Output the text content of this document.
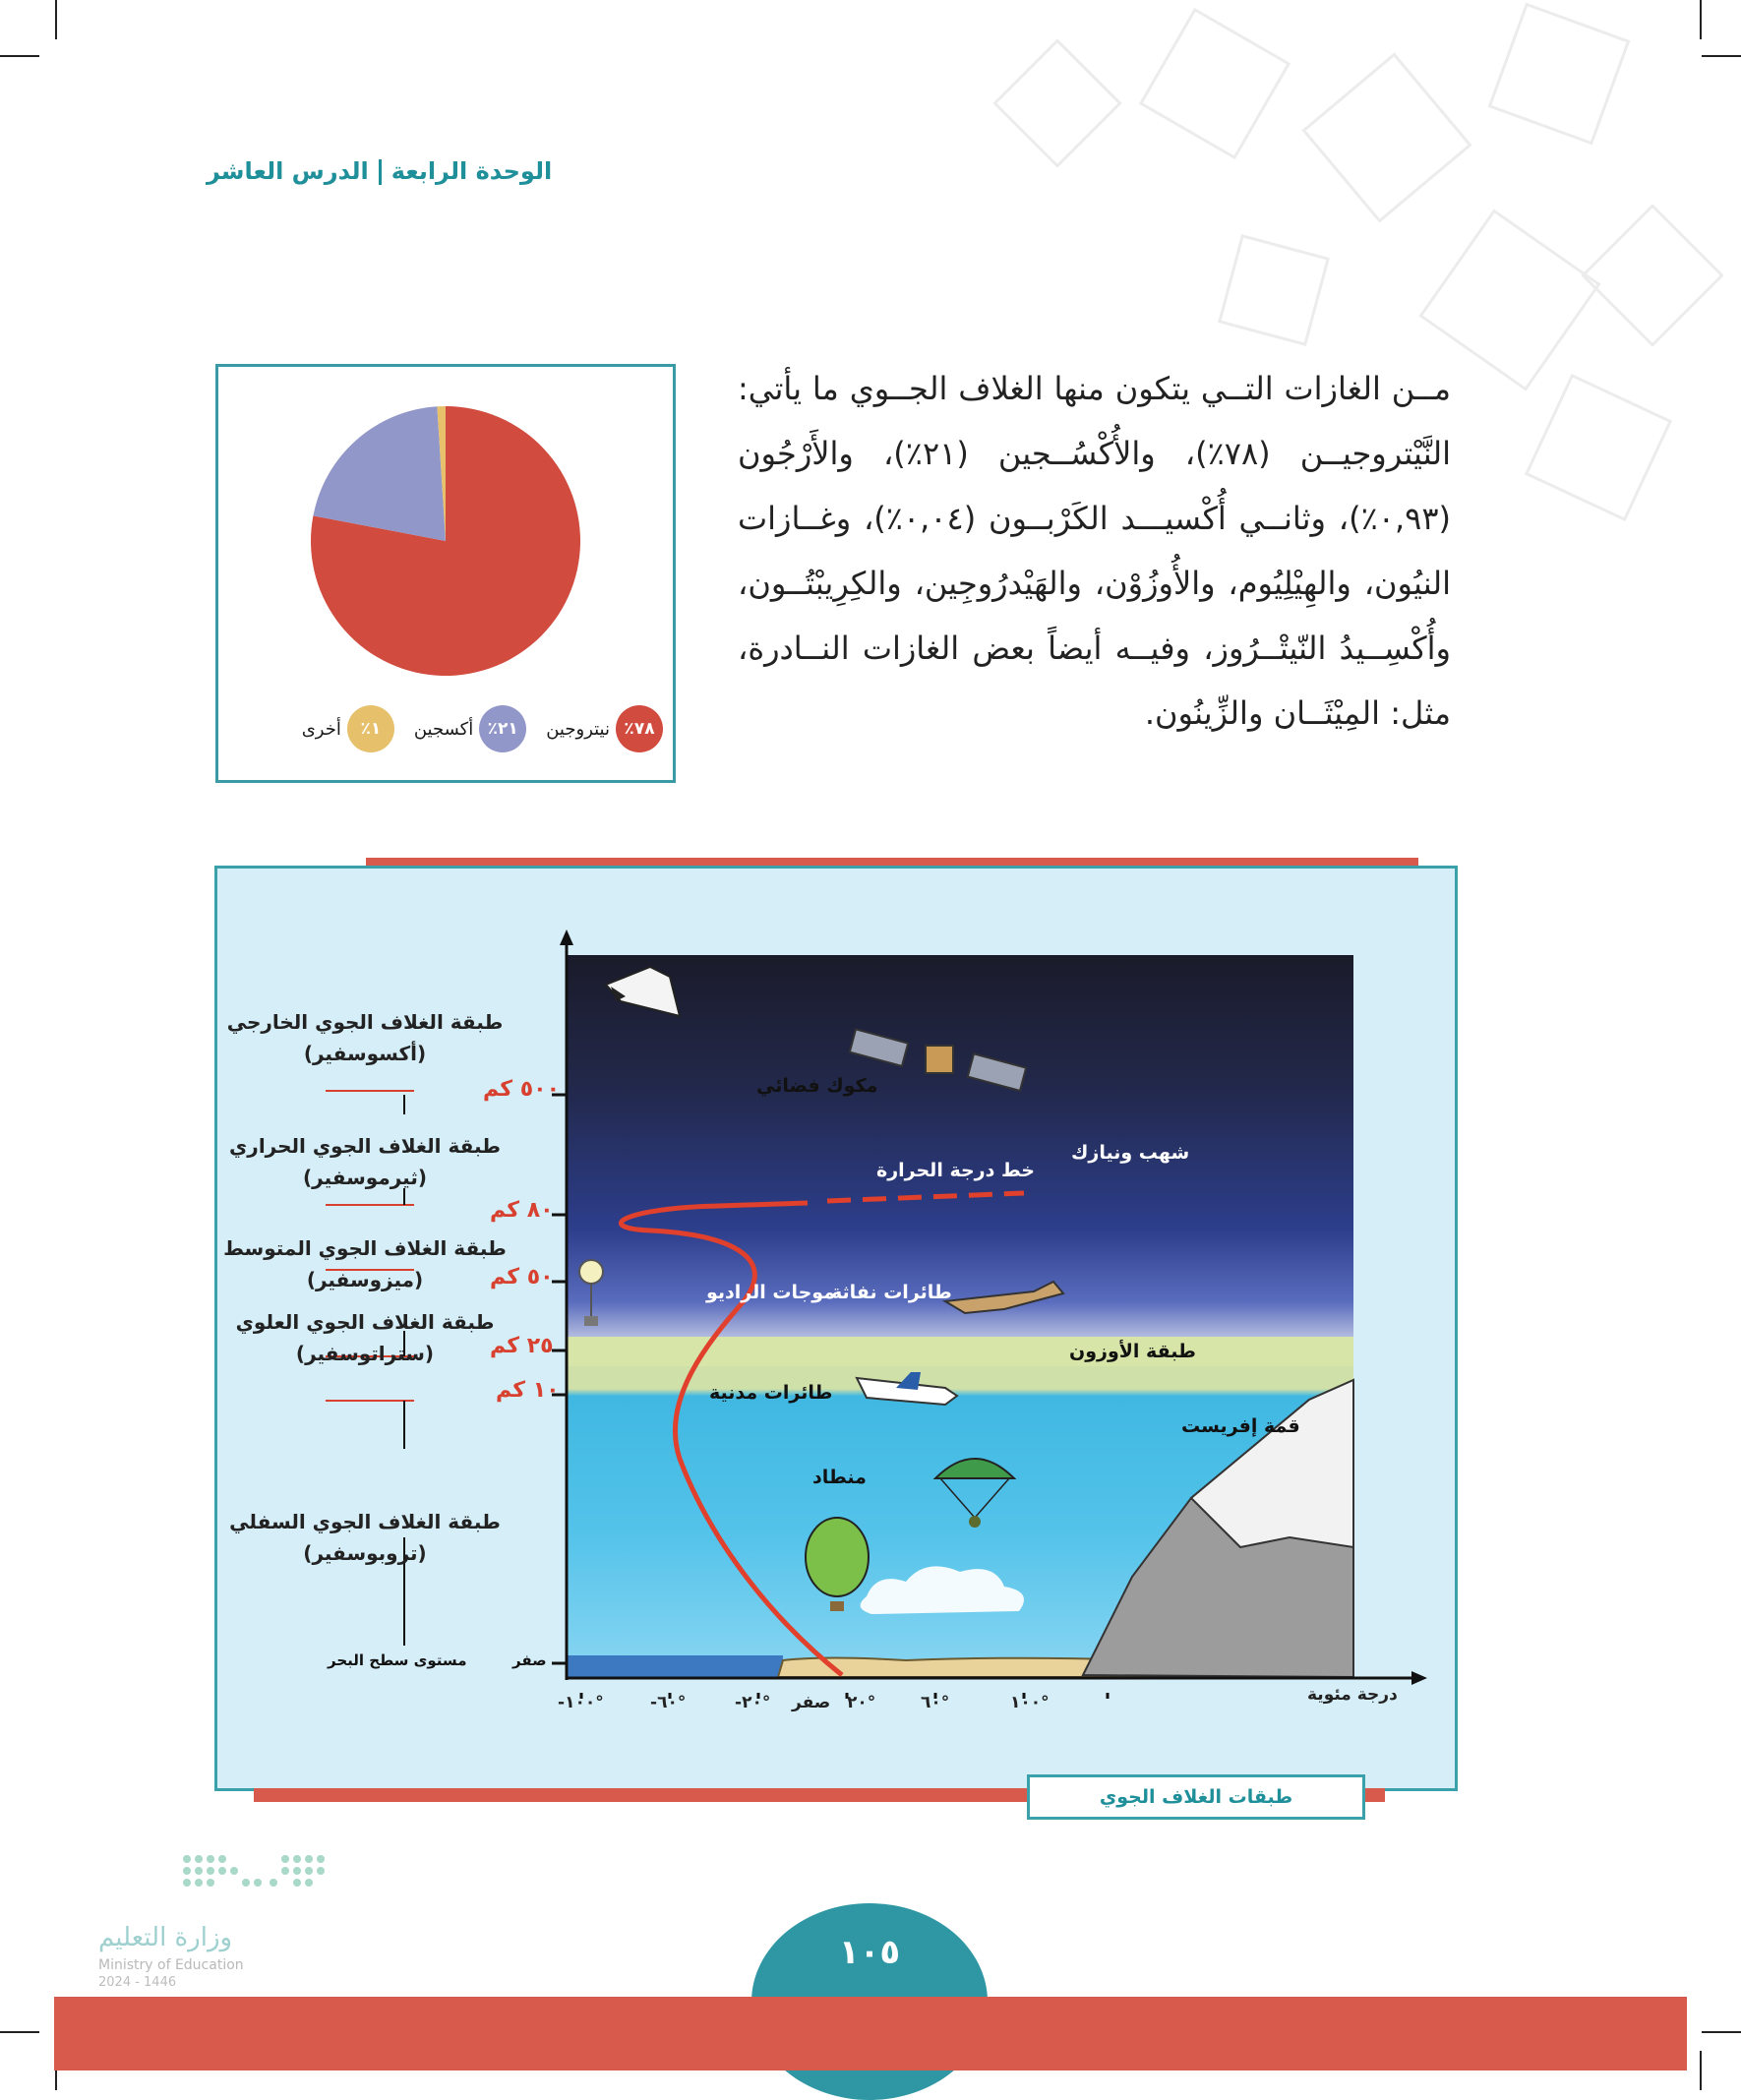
الوحدة الرابعةالدرس العاشر
مــن الغازات التــي يتكون منها الغلاف الجــوي ما يأتي: النَّيْتروجيــن (٧٨٪)، والأُكْسُــجين (٢١٪)، والأَرْجُون (٠,٩٣٪)، وثانــي أُكْسيـــد الكَرْبــون (٠,٠٤٪)، وغــازات النيُون، والهِيْلِيُوم، والأُوزُوْن، والهَيْدرُوجِين، والكِرِيبْتُــون، وأُكْسِــيدُ النّيتْــرُوز، وفيــه أيضاً بعض الغازات النــادرة، مثل: المِيْثَــان والزِّينُون.
٧٨٪
نيتروجين
٢١٪
أكسجين
١٪
أخرى
طبقة الغلاف الجوي الخارجي
(أكسوسفير)
طبقة الغلاف الجوي الحراري
(ثيرموسفير)
طبقة الغلاف الجوي المتوسط
(ميزوسفير)
طبقة الغلاف الجوي العلوي
(ستراتوسفير)
طبقة الغلاف الجوي السفلي
(تروبوسفير)
٥٠٠ كم
٨٠ كم
٥٠ كم
٢٥ كم
١٠ كم
مستوى سطح البحر	صفر
مكوك فضائي
شهب ونيازك
خط درجة الحرارة
موجات الراديو
طائرات نفاثة
طبقة الأوزون
طائرات مدنية
قمة إفريست
منطاد
-١٠٠°	-٦٠°	-٢٠° صفر ٢٠°	٦٠°	١٠٠°	درجة مئوية
طبقات الغلاف الجوي
وزارة التعليم
Ministry of Education
2024 - 1446
١٠٥
